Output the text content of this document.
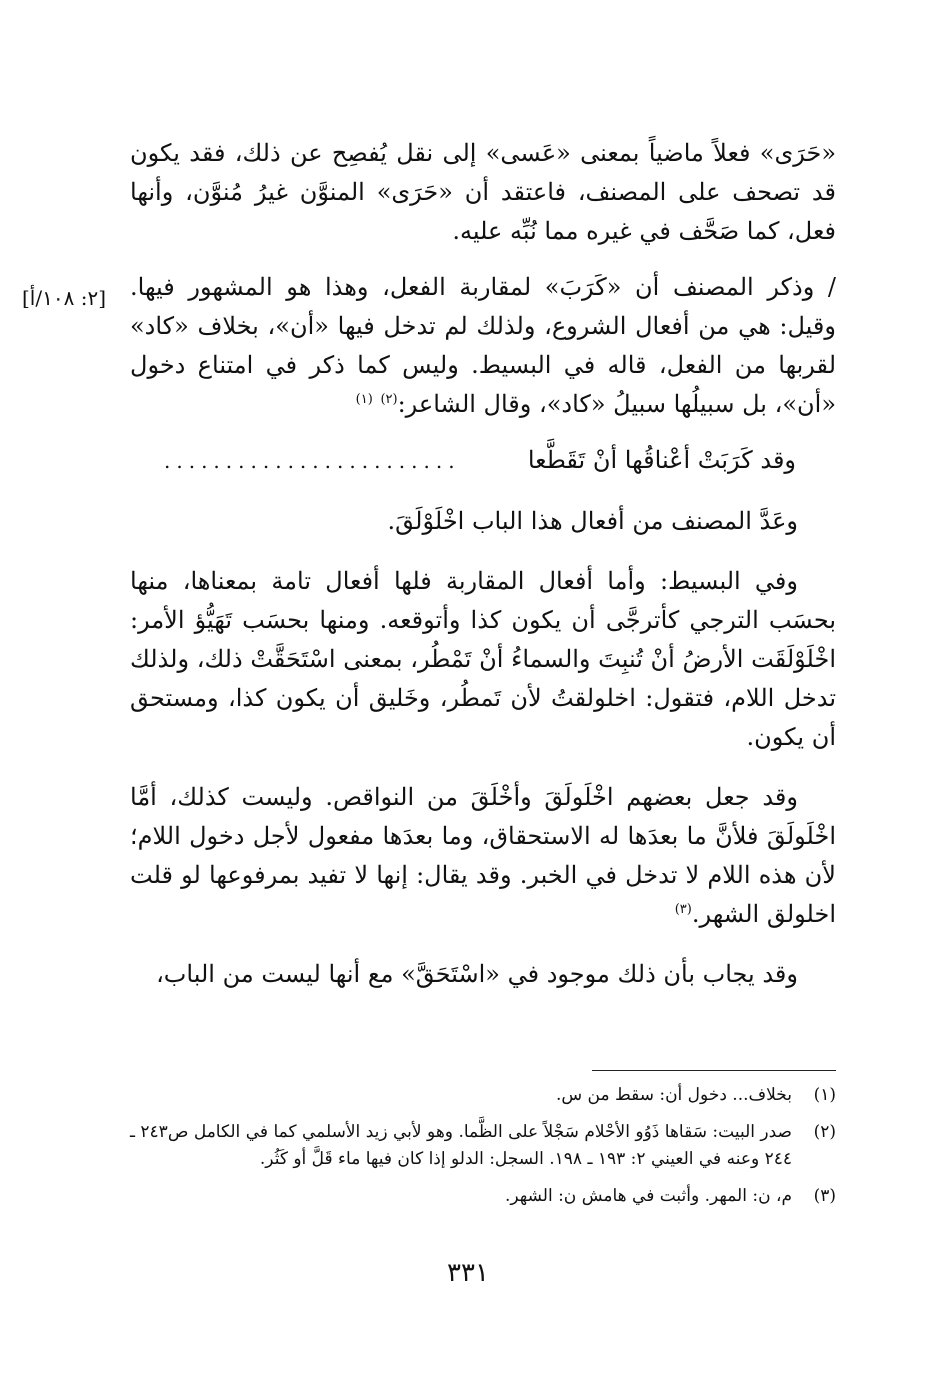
[٢: ١٠٨/أ]

«حَرَى» فعلاً ماضياً بمعنى «عَسى» إلى نقل يُفصِح عن ذلك، فقد يكون قد تصحف على المصنف، فاعتقد أن «حَرَى» المنوَّن غيرُ مُنوَّن، وأنها فعل، كما صَحَّف في غيره مما نُبِّه عليه.

/ وذكر المصنف أن «كَرَبَ» لمقاربة الفعل، وهذا هو المشهور فيها. وقيل: هي من أفعال الشروع، ولذلك لم تدخل فيها «أن»، بخلاف «كاد» لقربها من الفعل، قاله في البسيط. وليس كما ذكر في امتناع دخول «أن»، بل سبيلُها سبيلُ «كاد»، وقال الشاعر:$^{(٢)}$ $^{(١)}$

وقد كَرَبَتْ أعْناقُها أنْ تَقَطَّعا
........................

وعَدَّ المصنف من أفعال هذا الباب اخْلَوْلَقَ.

وفي البسيط: وأما أفعال المقاربة فلها أفعال تامة بمعناها، منها بحسَب الترجي كأترجَّى أن يكون كذا وأتوقعه. ومنها بحسَب تَهَيُّؤ الأمر: اخْلَوْلَقَت الأرضُ أنْ تُنبِتَ والسماءُ أنْ تَمْطُر، بمعنى اسْتَحَقَّتْ ذلك، ولذلك تدخل اللام، فتقول: اخلولقتُ لأن تَمطُر، وخَليق أن يكون كذا، ومستحق أن يكون.

وقد جعل بعضهم اخْلَولَقَ وأخْلَقَ من النواقص. وليست كذلك، أمَّا اخْلَولَقَ فلأنَّ ما بعدَها له الاستحقاق، وما بعدَها مفعول لأجل دخول اللام؛ لأن هذه اللام لا تدخل في الخبر. وقد يقال: إنها لا تفيد بمرفوعها لو قلت اخلولق الشهر.$^{(٣)}$

وقد يجاب بأن ذلك موجود في «اسْتَحَقَّ» مع أنها ليست من الباب،

(١)
بخلاف... دخول أن: سقط من س.
(٢)
صدر البيت: سَقاها ذَوُو الأحْلام سَجْلاً على الظَّما. وهو لأبي زيد الأسلمي كما في الكامل ص٢٤٣ ـ ٢٤٤ وعنه في العيني ٢: ١٩٣ ـ ١٩٨. السجل: الدلو إذا كان فيها ماء قَلَّ أو كَثُر.
(٣)
م، ن: المهر. وأثبت في هامش ن: الشهر.
٣٣١
